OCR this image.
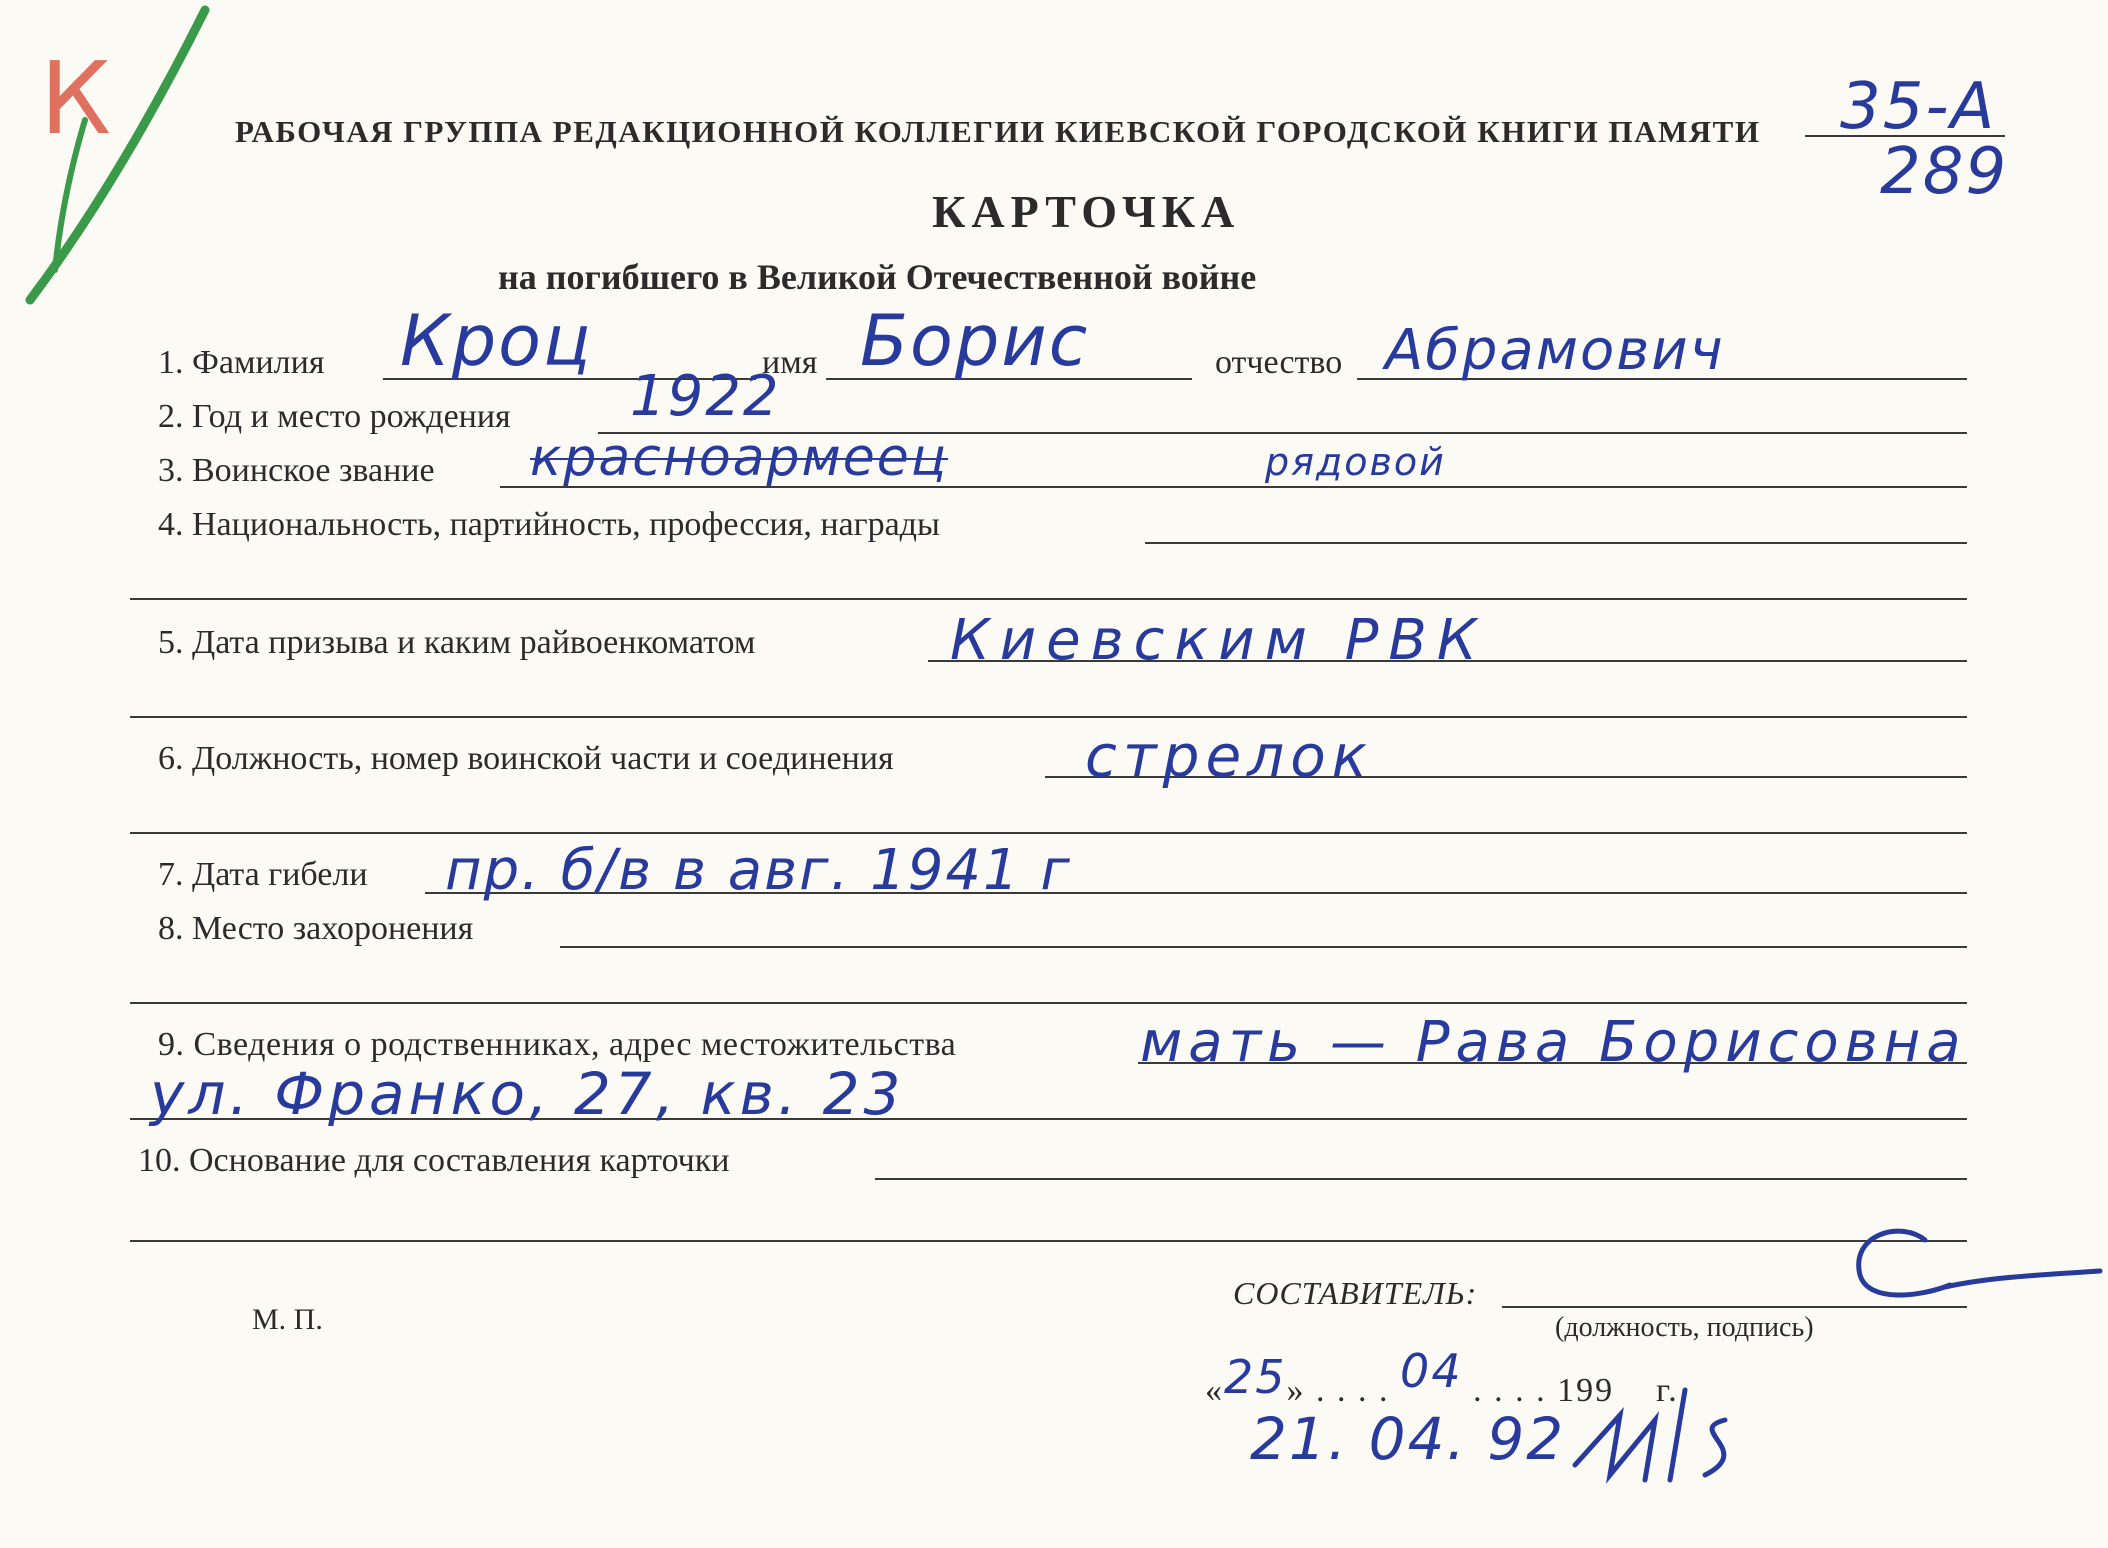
К	РАБОЧАЯ ГРУППА РЕДАКЦИОННОЙ КОЛЛЕГИИ КИЕВСКОЙ ГОРОДСКОЙ КНИГИ ПАМЯТИ 35-А
289
КАРТОЧКА
на погибшего в Великой Отечественной войне
1. Фамилия Кроц	имя Борис	отчество Абрамович
2. Год и место рождения 1922
3. Воинское звание красноармеец	рядовой
4. Национальность, партийность, профессия, награды
5. Дата призыва и каким райвоенкоматом	Киевским РВК
6. Должность, номер воинской части и соединения	стрелок
7. Дата гибели пр. б/в в авг. 1941 г
8. Место захоронения
9. Сведения о родственниках, адрес местожительства	мать — Рава Борисовна
ул. Франко, 27, кв. 23
10. Основание для составления карточки
М. П.
СОСТАВИТЕЛЬ:
(должность, подпись)
«25» . . . . 04 . . . . 199 г.
21. 04. 92
